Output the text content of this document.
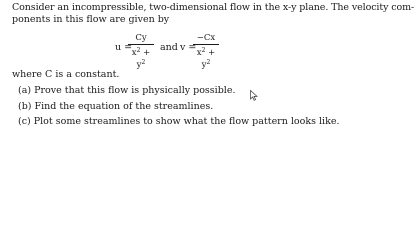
Consider an incompressible, two-dimensional flow in the x-y plane. The velocity com-
ponents in this flow are given by
u =
Cy
$x^2 + y^2$
and v =
−Cx
$x^2 + y^2$
where C is a constant.
(a) Prove that this flow is physically possible.
(b) Find the equation of the streamlines.
(c) Plot some streamlines to show what the flow pattern looks like.
